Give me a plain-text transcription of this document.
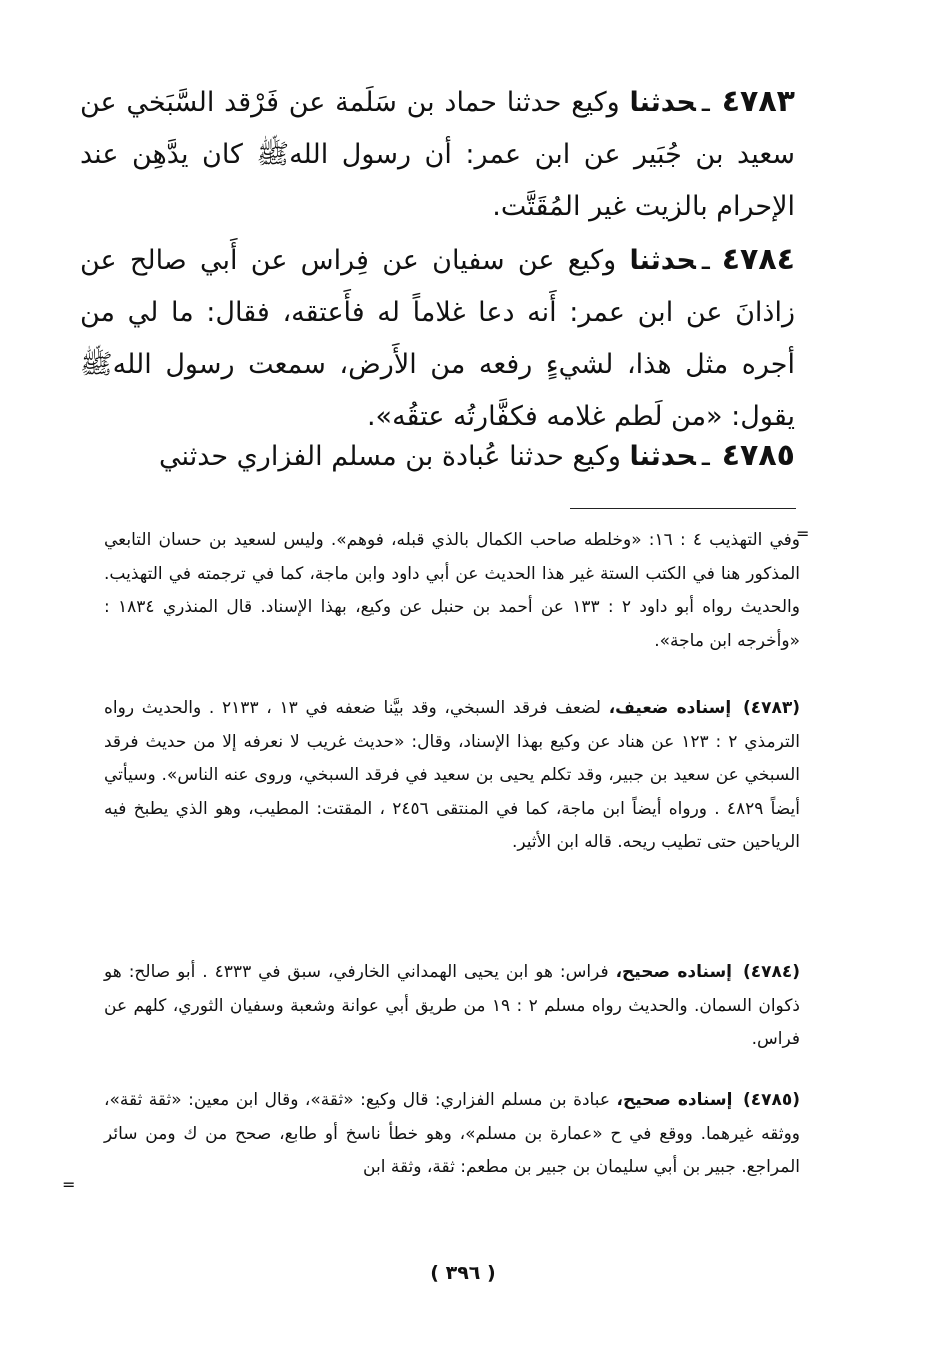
٤٧٨٣ـحدثنا وكيع حدثنا حماد بن سَلَمة عن فَرْقد السَّبَخي عن سعيد بن جُبَير عن ابن عمر: أن رسول اللهﷺ كان يدَّهِن عند الإحرام بالزيت غير المُقَتَّت.
٤٧٨٤ـحدثنا وكيع عن سفيان عن فِراس عن أَبي صالح عن زاذانَ عن ابن عمر: أَنه دعا غلاماً له فأَعتقه، فقال: ما لي من أجره مثل هذا، لشيءٍ رفعه من الأَرض، سمعت رسول اللهﷺ يقول: «من لَطم غلامه فكفَّارتُه عتقُه».
٤٧٨٥ـحدثنا وكيع حدثنا عُبادة بن مسلم الفزاري حدثني
=
وفي التهذيب ٤ : ١٦: «وخلطه صاحب الكمال بالذي قبله، فوهم». وليس لسعيد بن حسان التابعي المذكور هنا في الكتب الستة غير هذا الحديث عن أبي داود وابن ماجة، كما في ترجمته في التهذيب. والحديث رواه أبو داود ٢ : ١٣٣ عن أحمد بن حنبل عن وكيع، بهذا الإسناد. قال المنذري ١٨٣٤ : «وأخرجه ابن ماجة».
(٤٧٨٣) إسناده ضعيف، لضعف فرقد السبخي، وقد بيَّنا ضعفه في ١٣ ، ٢١٣٣ . والحديث رواه الترمذي ٢ : ١٢٣ عن هناد عن وكيع بهذا الإسناد، وقال: «حديث غريب لا نعرفه إلا من حديث فرقد السبخي عن سعيد بن جبير، وقد تكلم يحيى بن سعيد في فرقد السبخي، وروى عنه الناس». وسيأتي أيضاً ٤٨٢٩ . ورواه أيضاً ابن ماجة، كما في المنتقى ٢٤٥٦ ، المقتت: المطيب، وهو الذي يطبخ فيه الرياحين حتى تطيب ريحه. قاله ابن الأثير.
(٤٧٨٤) إسناده صحيح، فراس: هو ابن يحيى الهمداني الخارفي، سبق في ٤٣٣٣ . أبو صالح: هو ذكوان السمان. والحديث رواه مسلم ٢ : ١٩ من طريق أبي عوانة وشعبة وسفيان الثوري، كلهم عن فراس.
(٤٧٨٥) إسناده صحيح، عبادة بن مسلم الفزاري: قال وكيع: «ثقة»، وقال ابن معين: «ثقة ثقة»، ووثقه غيرهما. ووقع في ح «عمارة بن مسلم»، وهو خطأ ناسخ أو طابع، صحح من ك ومن سائر المراجع. جبير بن أبي سليمان بن جبير بن مطعم: ثقة، وثقة ابن
=
( ٣٩٦ )
